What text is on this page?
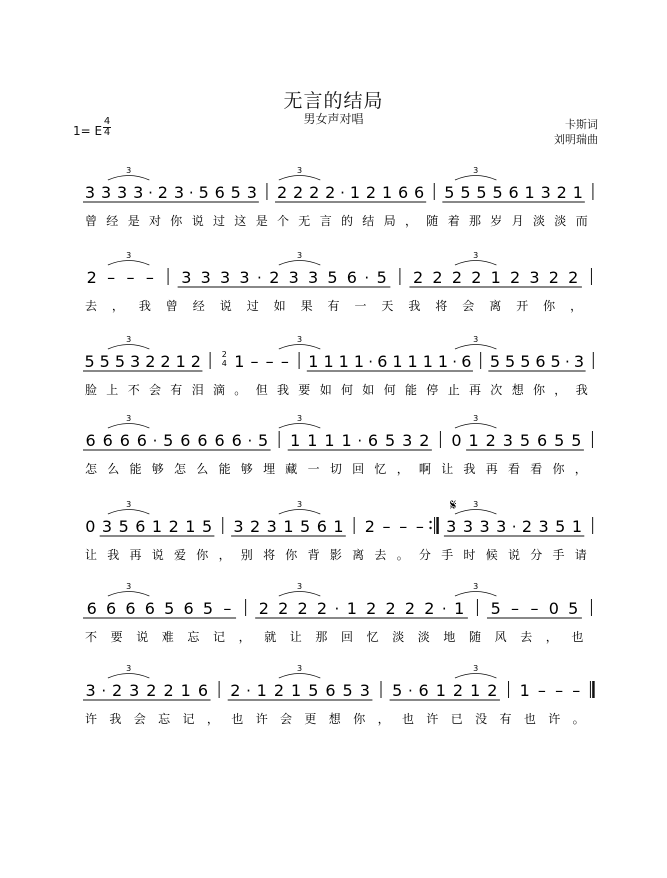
无言的结局
男女声对唱	卡斯词
刘明瑞曲
1= E
4
4
𝄋
3 3 3 3 · 2 3 · 5 6 5 3 2 2 2 2 · 1 2 1 6 6 5 5 5 5 6 1 3 2 1
3	3	3
曾 经 是 对 你 说 过 这 是 个 无 言 的 结 局 ， 随 着 那 岁 月 淡 淡 而
2 – – – 3 3 3 3 · 2 3 3 5 6 · 5 2 2 2 2 1 2 3 2 2
3	3	3
去 ， 我 曾 经 说 过 如 果 有 一 天 我 将 会 离 开 你 ，
5 5 5 3 2 2 1 2	2
4 1 – – – 1 1 1 1 · 6 1 1 1 1 · 6 5 5 5 6 5 · 3
3	3	3
脸 上 不 会 有 泪 滴 。 但 我 要 如 何 如 何 能 停 止 再 次 想 你 ， 我
6 6 6 6 · 5 6 6 6 6 · 5 1 1 1 1 · 6 5 3 2 0 1 2 3 5 6 5 5
3	3	3
怎 么 能 够 怎 么 能 够 埋 藏 一 切 回 忆 ， 啊 让 我 再 看 看 你 ，
0 3 5 6 1 2 1 5 3 2 3 1 5 6 1 2 – – – 3 3 3 3 · 2 3 5 1
3	3	3
让 我 再 说 爱 你 ， 别 将 你 背 影 离 去 。 分 手 时 候 说 分 手 请
6 6 6 6 5 6 5 – 2 2 2 2 · 1 2 2 2 2 · 1 5 – – 0 5
3	3	3
不 要 说 难 忘 记 ， 就 让 那 回 忆 淡 淡 地 随 风 去 ， 也
3 · 2 3 2 2 1 6 2 · 1 2 1 5 6 5 3 5 · 6 1 2 1 2 1 – – –
3	3	3
许 我 会 忘 记 ， 也 许 会 更 想 你 ， 也 许 已 没 有 也 许 。
